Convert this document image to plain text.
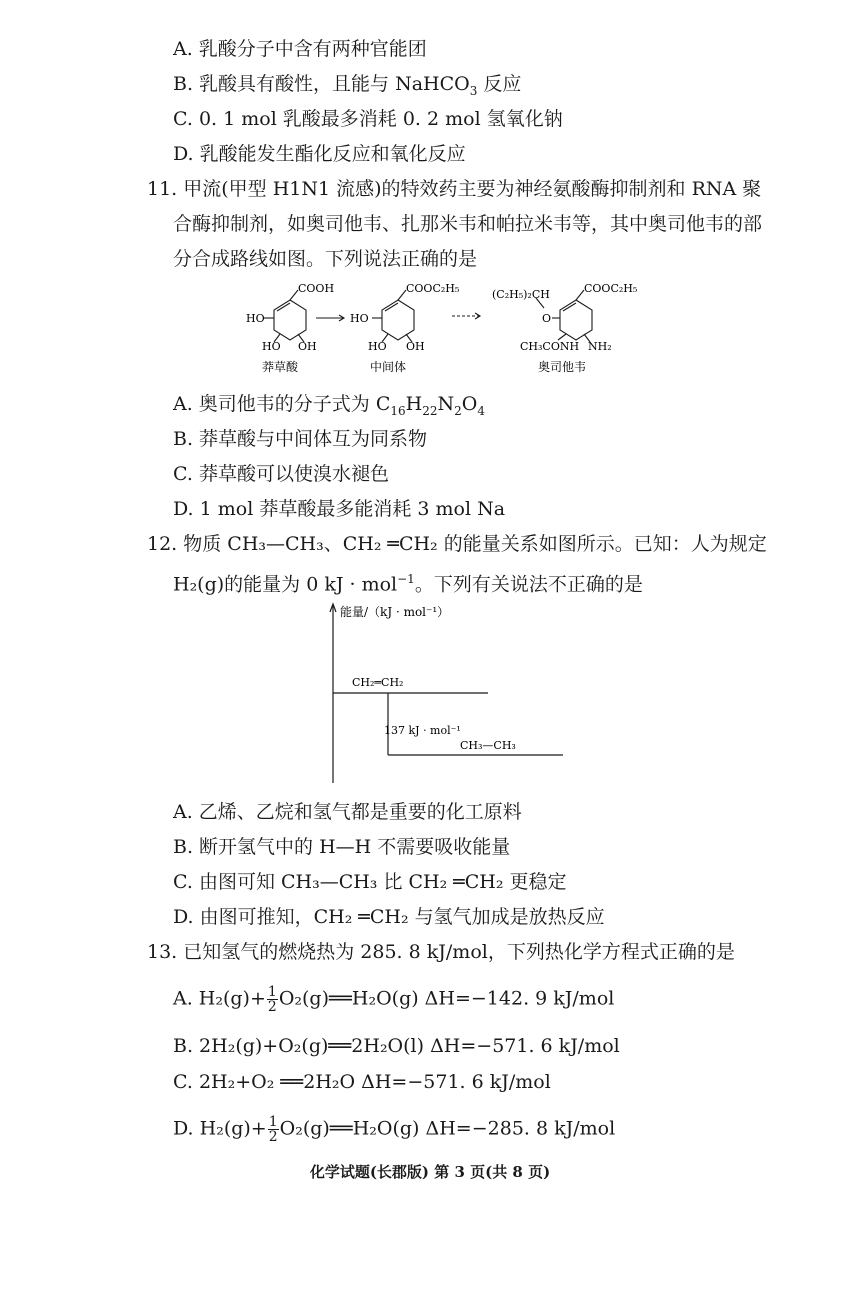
A. 乳酸分子中含有两种官能团
B. 乳酸具有酸性，且能与 NaHCO$_3$ 反应
C. 0. 1 mol 乳酸最多消耗 0. 2 mol 氢氧化钠
D. 乳酸能发生酯化反应和氧化反应
11. 甲流(甲型 H1N1 流感)的特效药主要为神经氨酸酶抑制剂和 RNA 聚
合酶抑制剂，如奥司他韦、扎那米韦和帕拉米韦等，其中奥司他韦的部
分合成路线如图。下列说法正确的是
COOH
HO
HO OH
莽草酸
COOC₂H₅
HO
HO OH
中间体
COOC₂H₅
(C₂H₅)₂CH
O
CH₃CONH NH₂
奥司他韦
A. 奥司他韦的分子式为 $C_{16}H_{22}N_2O_4$
B. 莽草酸与中间体互为同系物
C. 莽草酸可以使溴水褪色
D. 1 mol 莽草酸最多能消耗 3 mol Na
12. 物质 CH₃—CH₃、CH₂ ═CH₂ 的能量关系如图所示。已知：人为规定
H₂(g)的能量为 0 kJ · mol$^{-1}$。下列有关说法不正确的是
能量/（kJ · mol⁻¹）
CH₂═CH₂
137 kJ · mol⁻¹
CH₃—CH₃
A. 乙烯、乙烷和氢气都是重要的化工原料
B. 断开氢气中的 H—H 不需要吸收能量
C. 由图可知 CH₃—CH₃ 比 CH₂ ═CH₂ 更稳定
D. 由图可推知，CH₂ ═CH₂ 与氢气加成是放热反应
13. 已知氢气的燃烧热为 285. 8 kJ/mol，下列热化学方程式正确的是
A. $H_2(g)+ \frac{1}{2}$ O₂(g)══H₂O(g) ΔH=−142. 9 kJ/mol
B. 2H₂(g)+O₂(g)══2H₂O(l) ΔH=−571. 6 kJ/mol
C. 2H₂+O₂ ══2H₂O ΔH=−571. 6 kJ/mol
D. $H_2(g)+ \frac{1}{2}$ O₂(g)══H₂O(g) ΔH=−285. 8 kJ/mol
化学试题(长郡版) 第 3 页(共 8 页)
